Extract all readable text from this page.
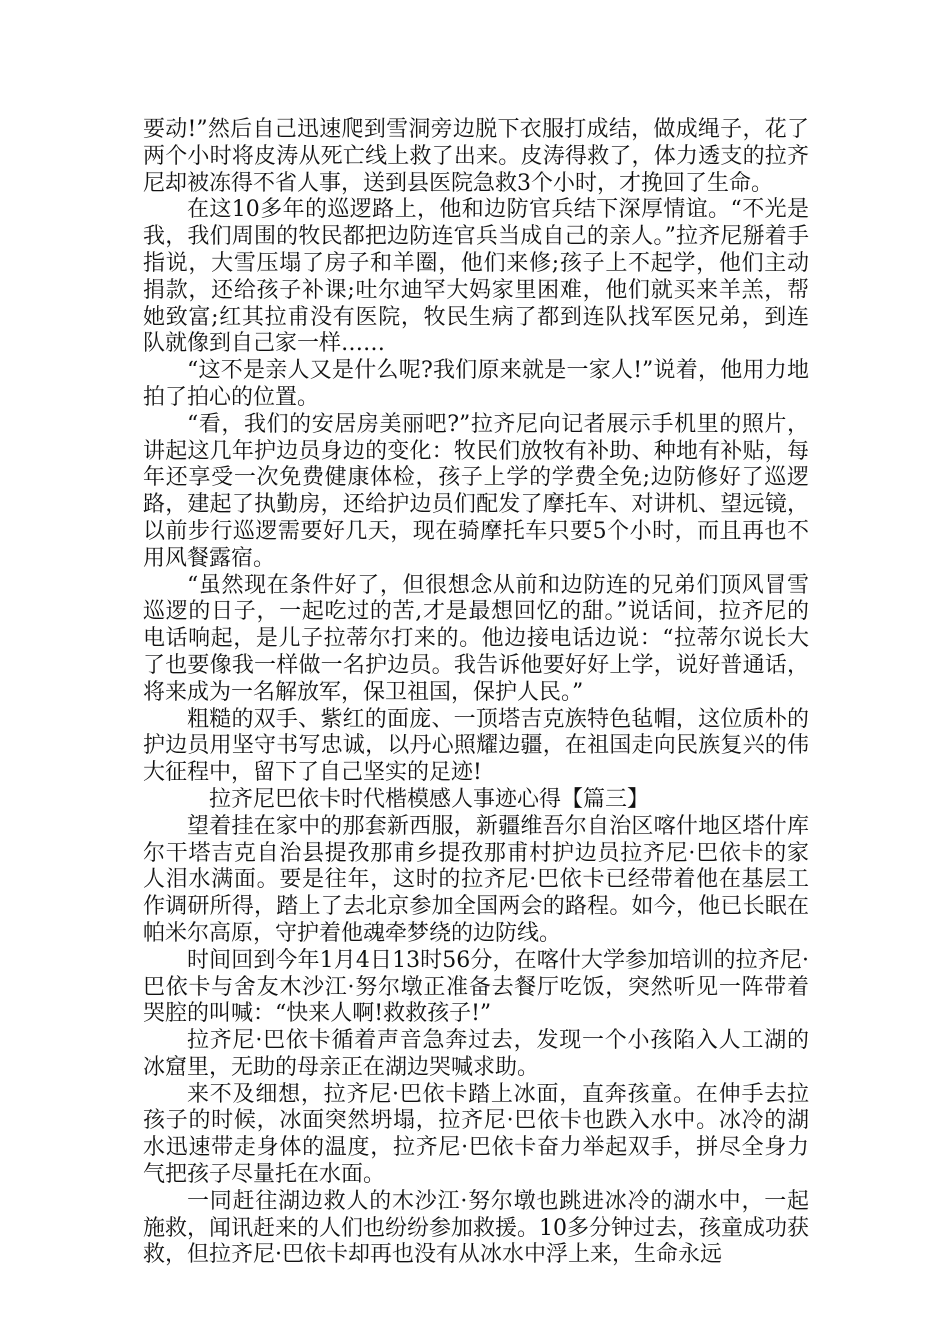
要动!”然后自己迅速爬到雪洞旁边脱下衣服打成结，做成绳子，花了两个小时将皮涛从死亡线上救了出来。皮涛得救了，体力透支的拉齐尼却被冻得不省人事，送到县医院急救3个小时，才挽回了生命。

在这10多年的巡逻路上，他和边防官兵结下深厚情谊。“不光是我，我们周围的牧民都把边防连官兵当成自己的亲人。”拉齐尼掰着手指说，大雪压塌了房子和羊圈，他们来修;孩子上不起学，他们主动捐款，还给孩子补课;吐尔迪罕大妈家里困难，他们就买来羊羔，帮她致富;红其拉甫没有医院，牧民生病了都到连队找军医兄弟，到连队就像到自己家一样……

“这不是亲人又是什么呢?我们原来就是一家人!”说着，他用力地拍了拍心的位置。

“看，我们的安居房美丽吧?”拉齐尼向记者展示手机里的照片，讲起这几年护边员身边的变化：牧民们放牧有补助、种地有补贴，每年还享受一次免费健康体检，孩子上学的学费全免;边防修好了巡逻路，建起了执勤房，还给护边员们配发了摩托车、对讲机、望远镜，以前步行巡逻需要好几天，现在骑摩托车只要5个小时，而且再也不用风餐露宿。

“虽然现在条件好了，但很想念从前和边防连的兄弟们顶风冒雪巡逻的日子，一起吃过的苦,才是最想回忆的甜。”说话间，拉齐尼的电话响起，是儿子拉蒂尔打来的。他边接电话边说：“拉蒂尔说长大了也要像我一样做一名护边员。我告诉他要好好上学，说好普通话，将来成为一名解放军，保卫祖国，保护人民。”

粗糙的双手、紫红的面庞、一顶塔吉克族特色毡帽，这位质朴的护边员用坚守书写忠诚，以丹心照耀边疆，在祖国走向民族复兴的伟大征程中，留下了自己坚实的足迹!

拉齐尼巴依卡时代楷模感人事迹心得【篇三】

望着挂在家中的那套新西服，新疆维吾尔自治区喀什地区塔什库尔干塔吉克自治县提孜那甫乡提孜那甫村护边员拉齐尼·巴依卡的家人泪水满面。要是往年，这时的拉齐尼·巴依卡已经带着他在基层工作调研所得，踏上了去北京参加全国两会的路程。如今，他已长眠在帕米尔高原，守护着他魂牵梦绕的边防线。

时间回到今年1月4日13时56分，在喀什大学参加培训的拉齐尼·巴依卡与舍友木沙江·努尔墩正准备去餐厅吃饭，突然听见一阵带着哭腔的叫喊：“快来人啊!救救孩子!”

拉齐尼·巴依卡循着声音急奔过去，发现一个小孩陷入人工湖的冰窟里，无助的母亲正在湖边哭喊求助。

来不及细想，拉齐尼·巴依卡踏上冰面，直奔孩童。在伸手去拉孩子的时候，冰面突然坍塌，拉齐尼·巴依卡也跌入水中。冰冷的湖水迅速带走身体的温度，拉齐尼·巴依卡奋力举起双手，拼尽全身力气把孩子尽量托在水面。

一同赶往湖边救人的木沙江·努尔墩也跳进冰冷的湖水中，一起施救，闻讯赶来的人们也纷纷参加救援。10多分钟过去，孩童成功获救，但拉齐尼·巴依卡却再也没有从冰水中浮上来，生命永远
